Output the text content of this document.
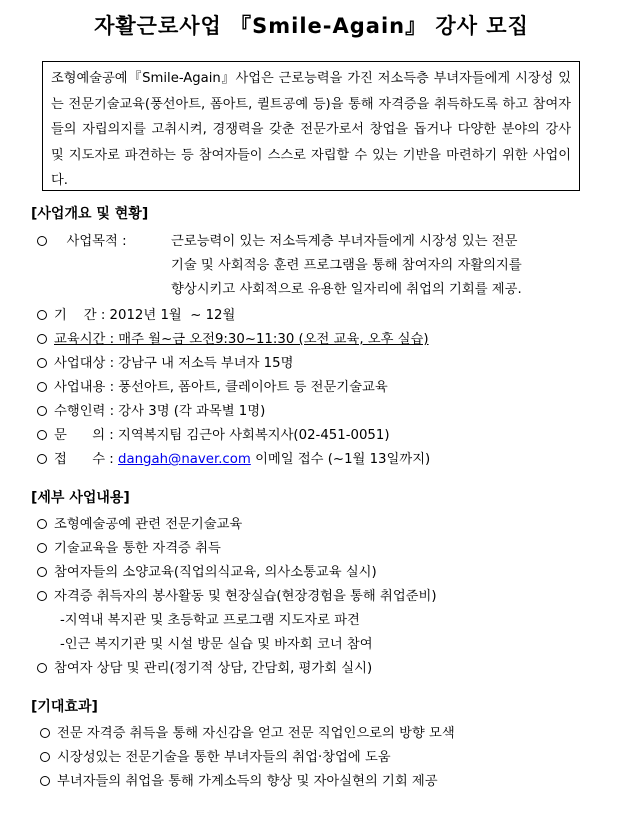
자활근로사업 『Smile-Again』 강사 모집
조형예술공예『Smile-Again』사업은 근로능력을 가진 저소득층 부녀자들에게 시장성 있는 전문기술교육(풍선아트, 폼아트, 퀼트공예 등)을 통해 자격증을 취득하도록 하고 참여자들의 자립의지를 고취시켜, 경쟁력을 갖춘 전문가로서 창업을 돕거나 다양한 분야의 강사 및 지도자로 파견하는 등 참여자들이 스스로 자립할 수 있는 기반을 마련하기 위한 사업이다.
[사업개요 및 현황]
사업목적 :	근로능력이 있는 저소득계층 부녀자들에게 시장성 있는 전문
기술 및 사회적응 훈련 프로그램을 통해 참여자의 자활의지를
향상시키고 사회적으로 유용한 일자리에 취업의 기회를 제공.
기    간 : 2012년 1월  ~ 12월
교육시간 : 매주 월~금 오전9:30~11:30 (오전 교육, 오후 실습)
사업대상 : 강남구 내 저소득 부녀자 15명
사업내용 : 풍선아트, 폼아트, 클레이아트 등 전문기술교육
수행인력 : 강사 3명 (각 과목별 1명)
문      의 : 지역복지팀 김근아 사회복지사(02-451-0051)
접      수 : dangah@naver.com 이메일 접수 (~1월 13일까지)
[세부 사업내용]
조형예술공예 관련 전문기술교육
기술교육을 통한 자격증 취득
참여자들의 소양교육(직업의식교육, 의사소통교육 실시)
자격증 취득자의 봉사활동 및 현장실습(현장경험을 통해 취업준비)
-지역내 복지관 및 초등학교 프로그램 지도자로 파견
-인근 복지기관 및 시설 방문 실습 및 바자회 코너 참여
참여자 상담 및 관리(정기적 상담, 간담회, 평가회 실시)
[기대효과]
전문 자격증 취득을 통해 자신감을 얻고 전문 직업인으로의 방향 모색
시장성있는 전문기술을 통한 부녀자들의 취업·창업에 도움
부녀자들의 취업을 통해 가계소득의 향상 및 자아실현의 기회 제공
